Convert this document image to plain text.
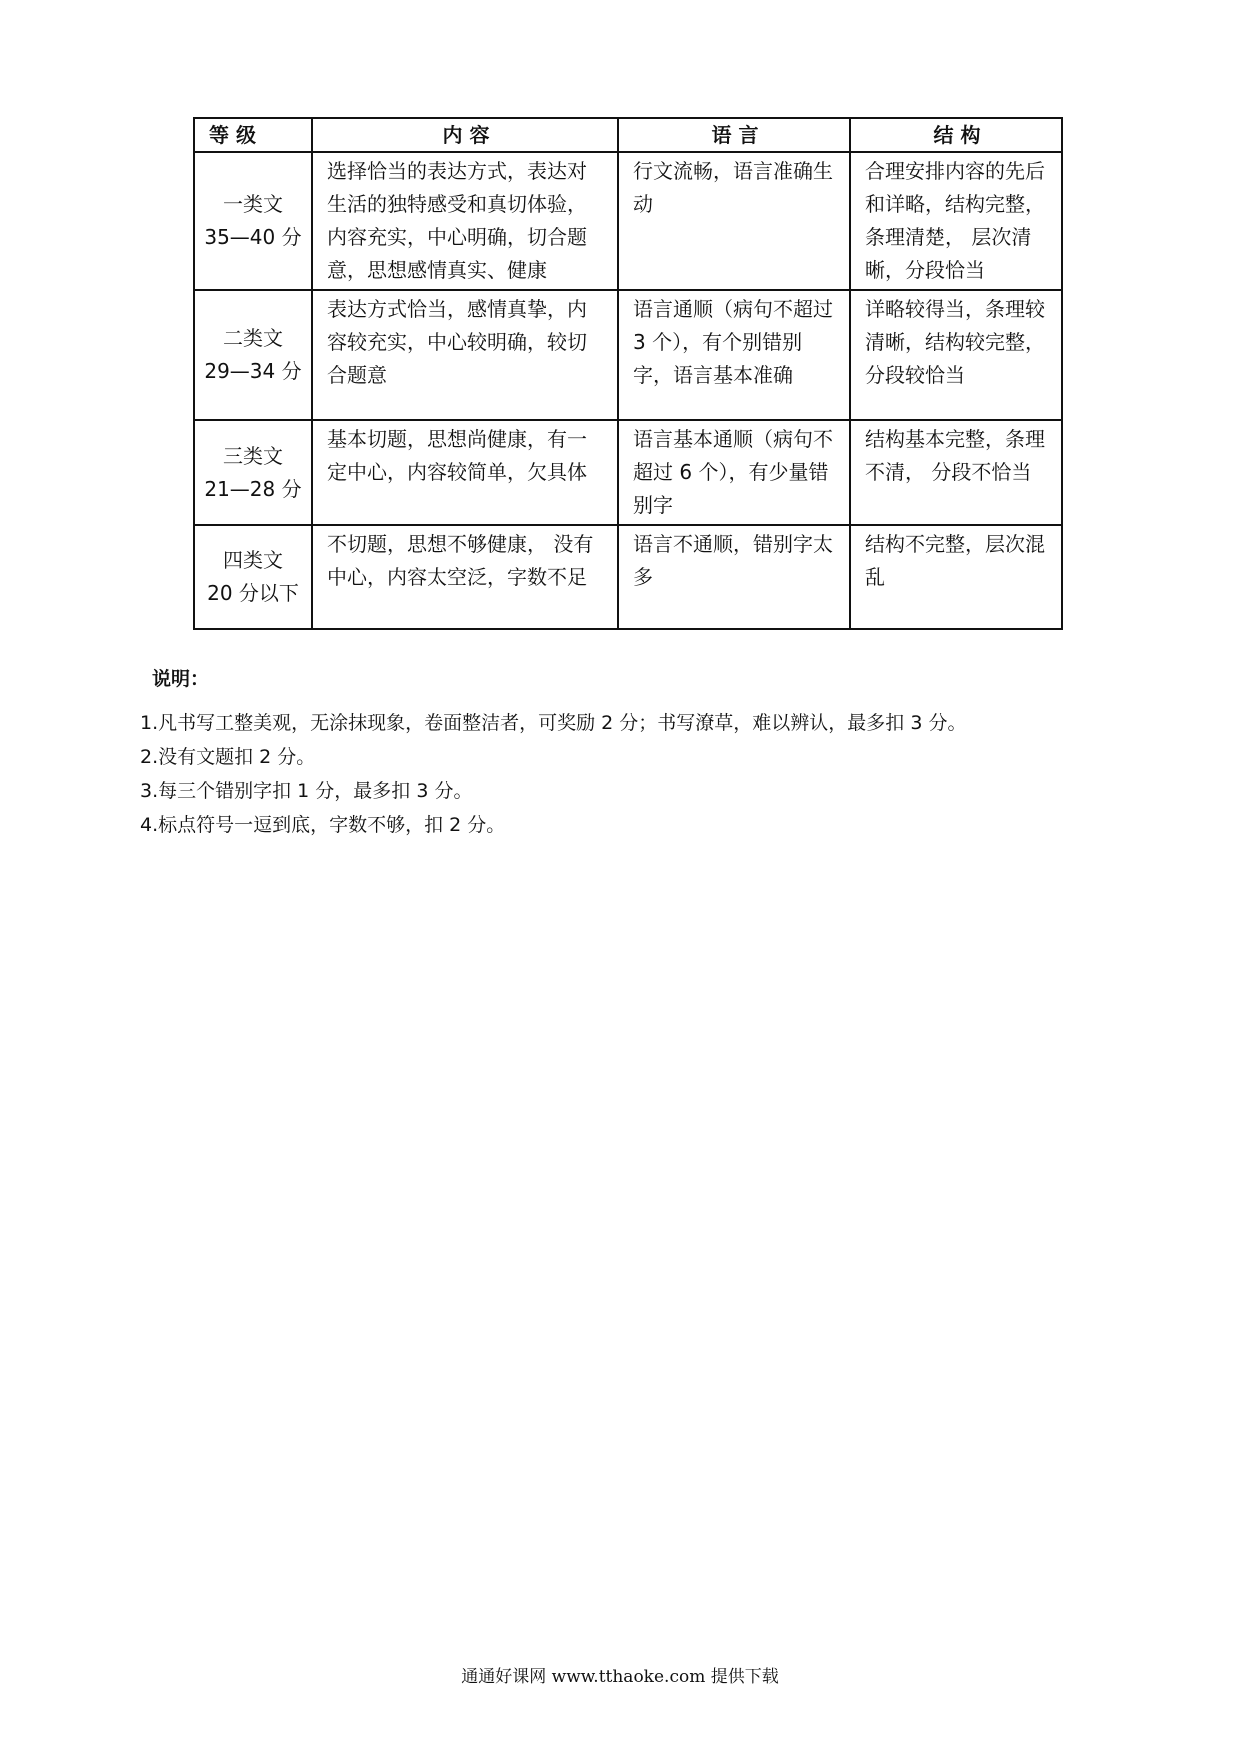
等 级	内 容	语 言	结 构

一类文
35—40 分	选择恰当的表达方式，表达对生活的独特感受和真切体验，内容充实，中心明确，切合题意，思想感情真实、健康	行文流畅，语言准确生动	合理安排内容的先后和详略，结构完整，条理清楚， 层次清晰，分段恰当

二类文
29—34 分	表达方式恰当，感情真挚，内容较充实，中心较明确，较切合题意	语言通顺（病句不超过 3 个），有个别错别字，语言基本准确	详略较得当，条理较清晰，结构较完整，分段较恰当

三类文
21—28 分	基本切题，思想尚健康，有一定中心，内容较简单，欠具体	语言基本通顺（病句不超过 6 个），有少量错别字	结构基本完整，条理不清， 分段不恰当

四类文
20 分以下	不切题，思想不够健康， 没有中心，内容太空泛，字数不足	语言不通顺，错别字太多	结构不完整，层次混乱
说明：
1.凡书写工整美观，无涂抹现象，卷面整洁者，可奖励 2 分；书写潦草，难以辨认，最多扣 3 分。
2.没有文题扣 2 分。
3.每三个错别字扣 1 分，最多扣 3 分。
4.标点符号一逗到底，字数不够，扣 2 分。
通通好课网 www.tthaoke.com 提供下载
